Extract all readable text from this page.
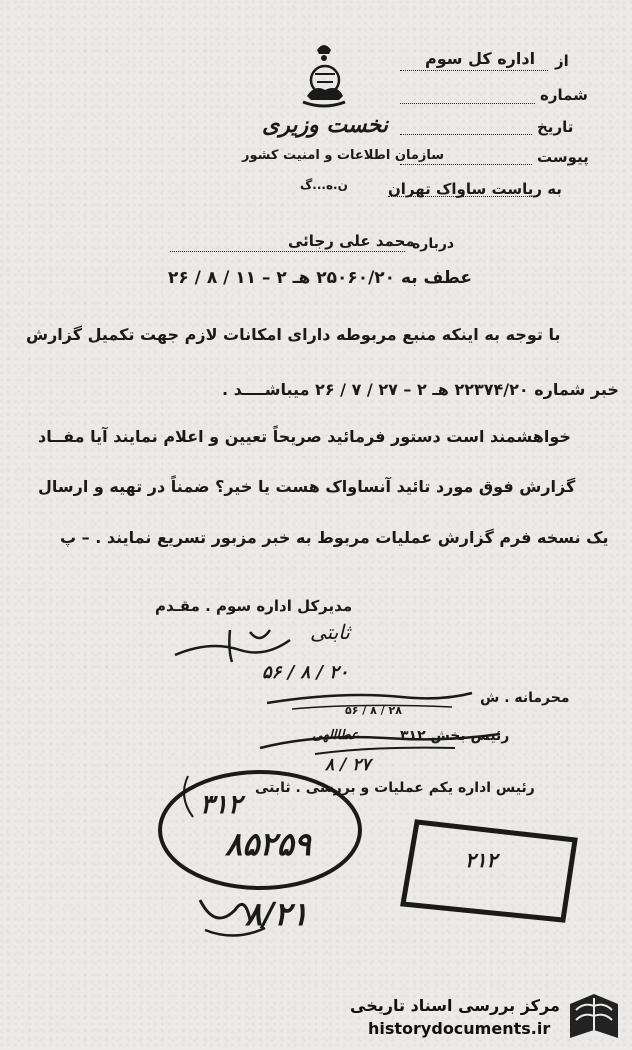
نخست وزیری
سازمان اطلاعات و امنیت کشور
ن.ه...گ
از
اداره کل سوم
شماره
تاریخ
پیوست
به ریاست ساواک تهران
درباره
محمد علی رجائی
عطف به ۲۵۰۶۰/۲۰ هـ ۲ – ۱۱ / ۸ / ۲۶
با توجه به اینکه منبع مربوطه دارای امکانات لازم جهت تکمیل گزارش
خبر شماره ۲۲۳۷۴/۲۰ هـ ۲ – ۲۷ / ۷ / ۲۶ میباشــــد .
خواهشمند است دستور فرمائید صریحاً تعیین و اعلام نمایند آیا مفــاد
گزارش فوق مورد تائید آنساواک هست یا خیر؟ ضمناً در تهیه و ارسال
یک نسخه فرم گزارش عملیات مربوط به خبر مزبور تسریع نمایند . – پ
مدیرکل اداره سوم . مقـدم
ثابتی
۲۰ / ۸ / ۵۶
محرمانه . ش
۲۸ / ۸ / ۵۶
رئیس بخش ۳۱۲
عطاالهی
۲۷ / ۸
رئیس اداره یکم عملیات و بررسی . ثابتی
۳۱۲
۸۵۲۵۹
۸/۲۱
۲۱۲
مرکز بررسی اسناد تاریخی
historydocuments.ir
